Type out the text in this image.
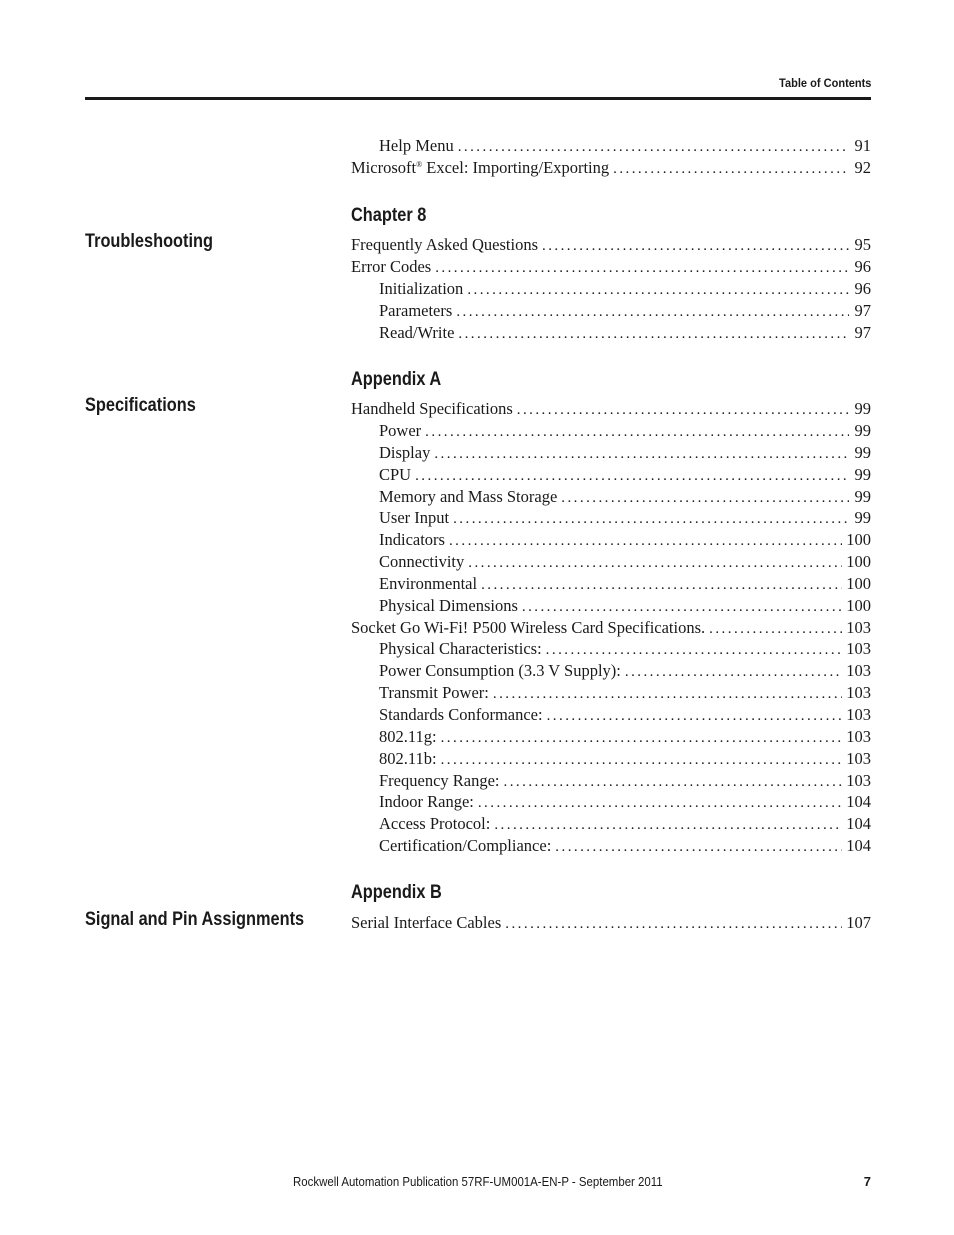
Table of Contents
Help Menu . . .	91
Microsoft® Excel: Importing/Exporting . . .	92
Chapter 8
Troubleshooting	Frequently Asked Questions . . .	95
Error Codes . . .	96
Initialization . . .	96
Parameters . . .	97
Read/Write . . .	97
Appendix A
Specifications	Handheld Specifications . . .	99
Power . . .	99
Display . . .	99
CPU . . .	99
Memory and Mass Storage . . .	99
User Input . . .	99
Indicators . . .	100
Connectivity . . .	100
Environmental . . .	100
Physical Dimensions . . .	100
Socket Go Wi-Fi! P500 Wireless Card Specifications. . . .	103
Physical Characteristics: . . .	103
Power Consumption (3.3 V Supply): . . .	103
Transmit Power: . . .	103
Standards Conformance: . . .	103
802.11g: . . .	103
802.11b: . . .	103
Frequency Range: . . .	103
Indoor Range: . . .	104
Access Protocol: . . .	104
Certification/Compliance: . . .	104
Appendix B
Signal and Pin Assignments	Serial Interface Cables . . .	107
Rockwell Automation Publication 57RF-UM001A-EN-P - September 2011	7
